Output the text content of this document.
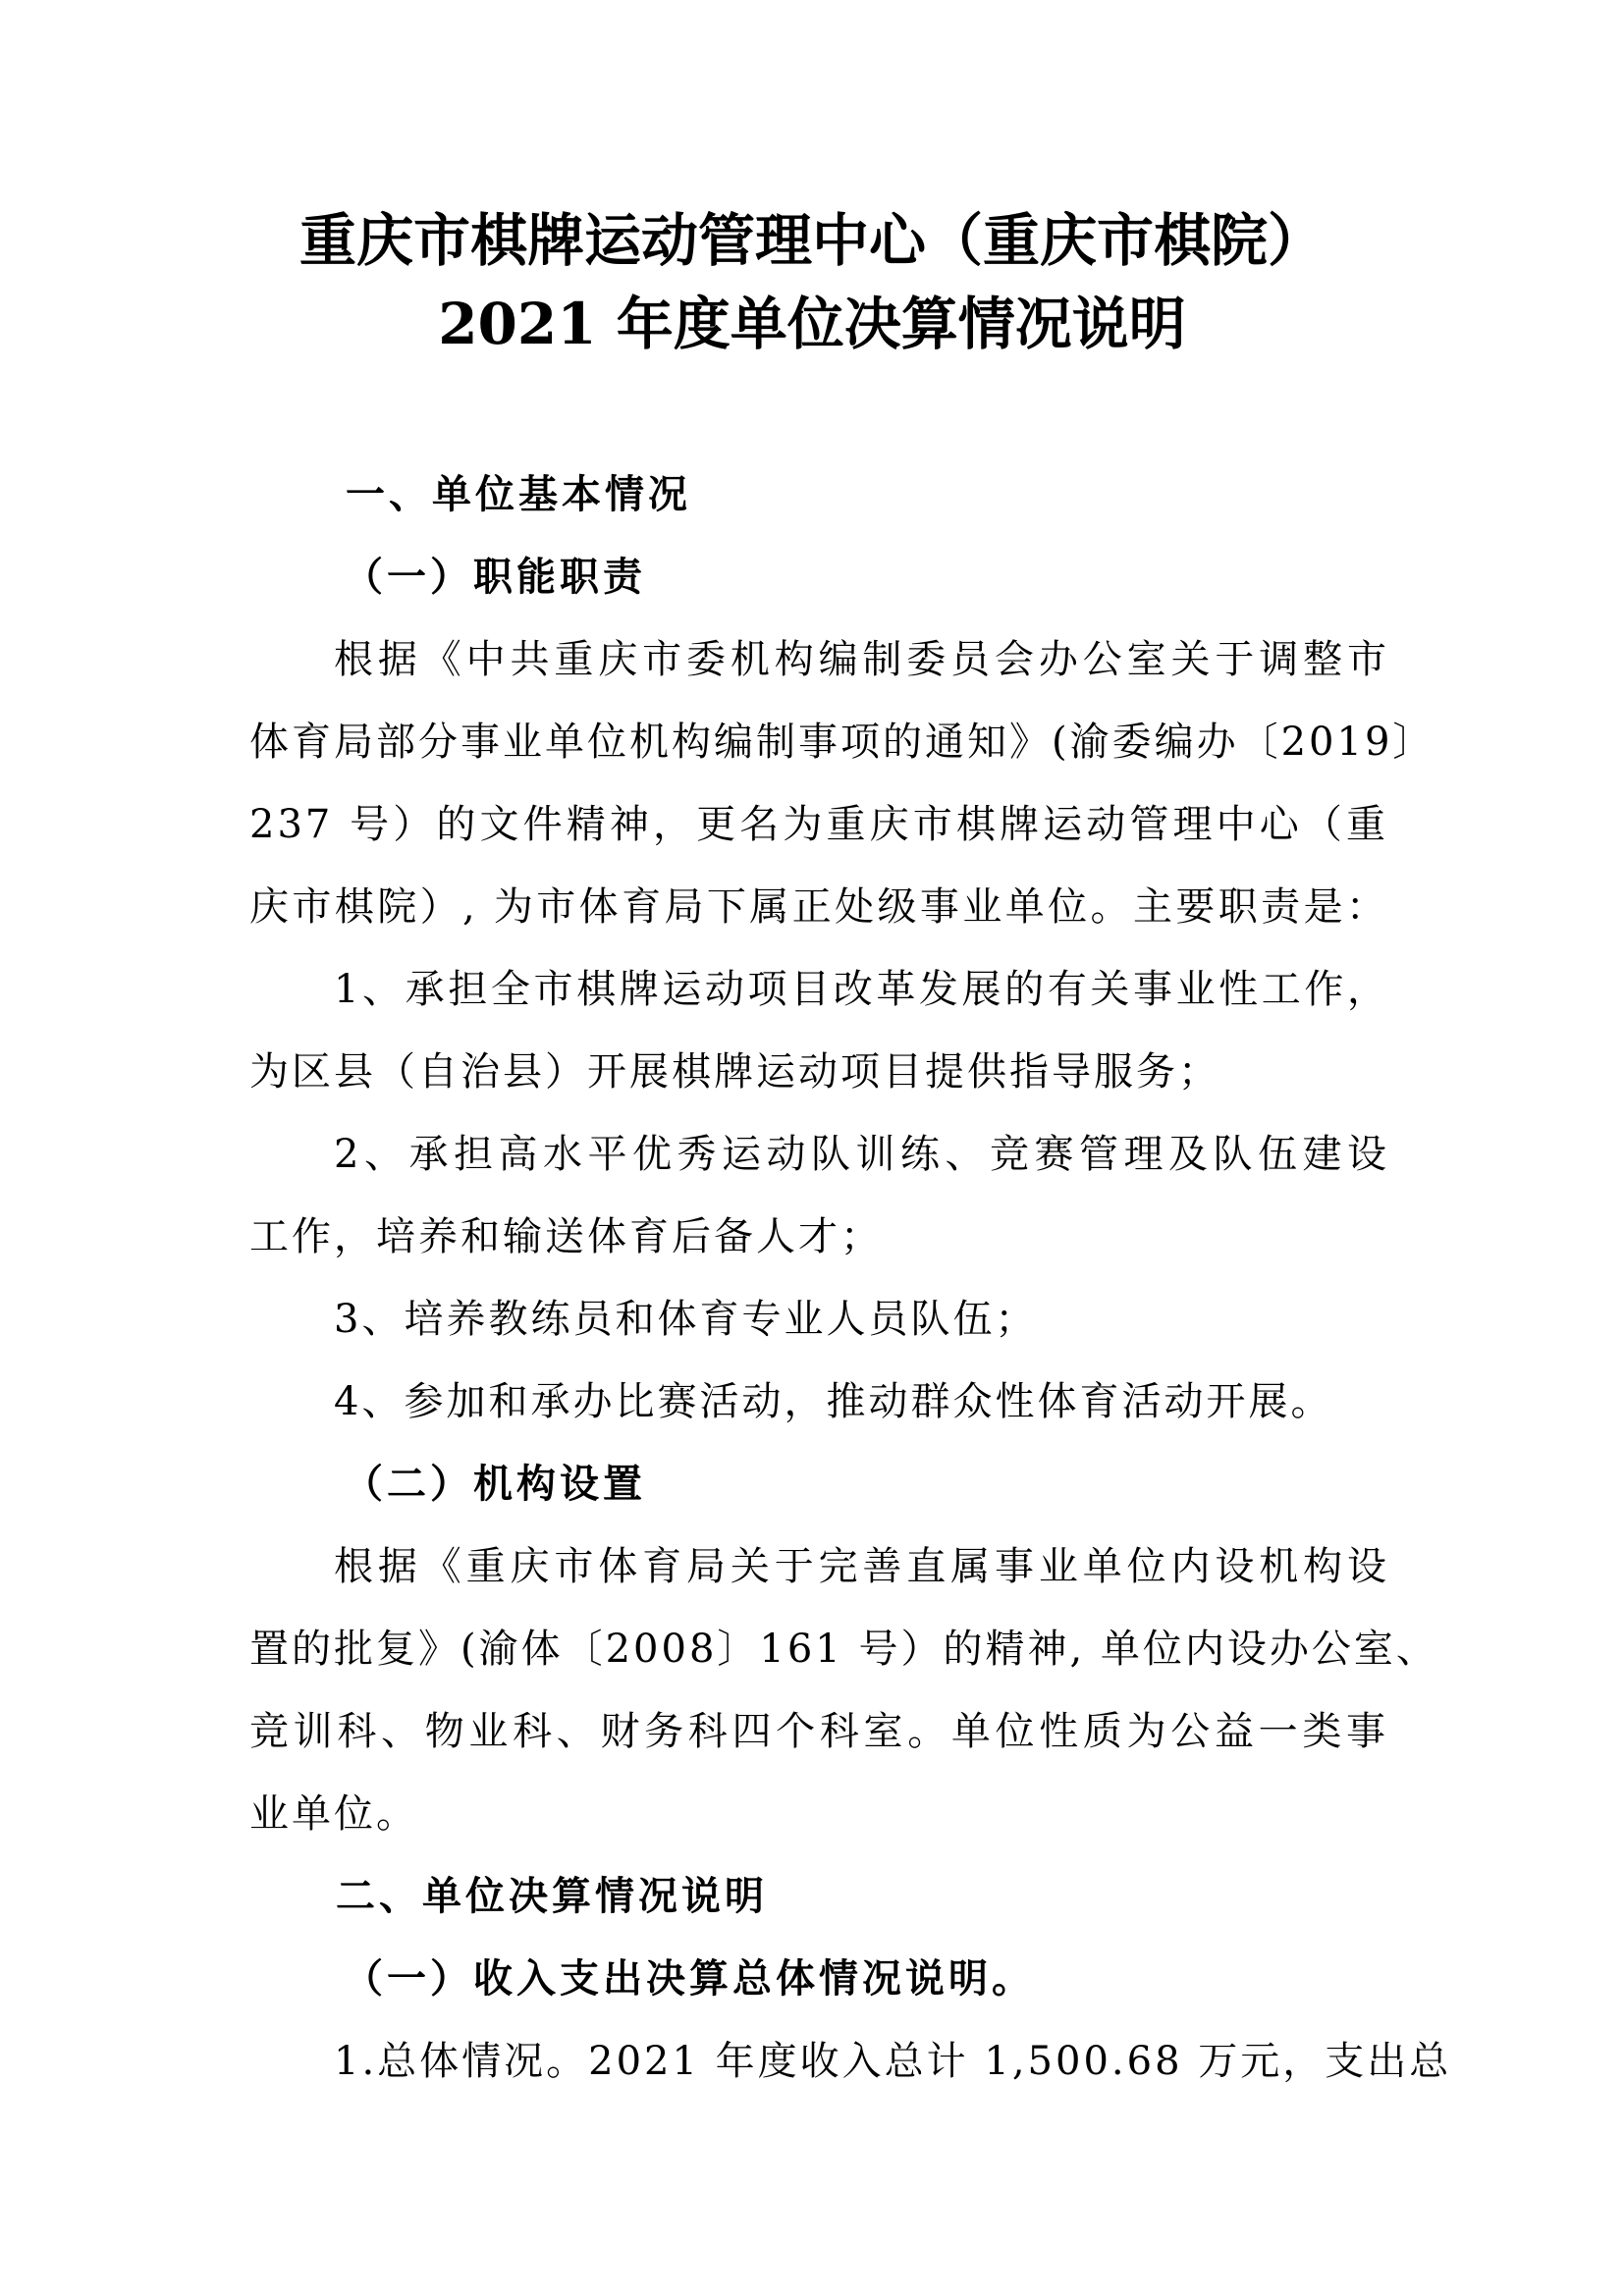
重庆市棋牌运动管理中心（重庆市棋院）
2021 年度单位决算情况说明
一、单位基本情况
（一）职能职责
根据《中共重庆市委机构编制委员会办公室关于调整市
体育局部分事业单位机构编制事项的通知》(渝委编办〔2019〕
237 号）的文件精神，更名为重庆市棋牌运动管理中心（重
庆市棋院）, 为市体育局下属正处级事业单位。主要职责是：
1、承担全市棋牌运动项目改革发展的有关事业性工作，
为区县（自治县）开展棋牌运动项目提供指导服务；
2、承担高水平优秀运动队训练、竞赛管理及队伍建设
工作，培养和输送体育后备人才；
3、培养教练员和体育专业人员队伍；
4、参加和承办比赛活动，推动群众性体育活动开展。
（二）机构设置
根据《重庆市体育局关于完善直属事业单位内设机构设
置的批复》(渝体〔2008〕161 号）的精神, 单位内设办公室、
竞训科、物业科、财务科四个科室。单位性质为公益一类事
业单位。
二、单位决算情况说明
（一）收入支出决算总体情况说明。
1.总体情况。2021 年度收入总计 1,500.68 万元，支出总
